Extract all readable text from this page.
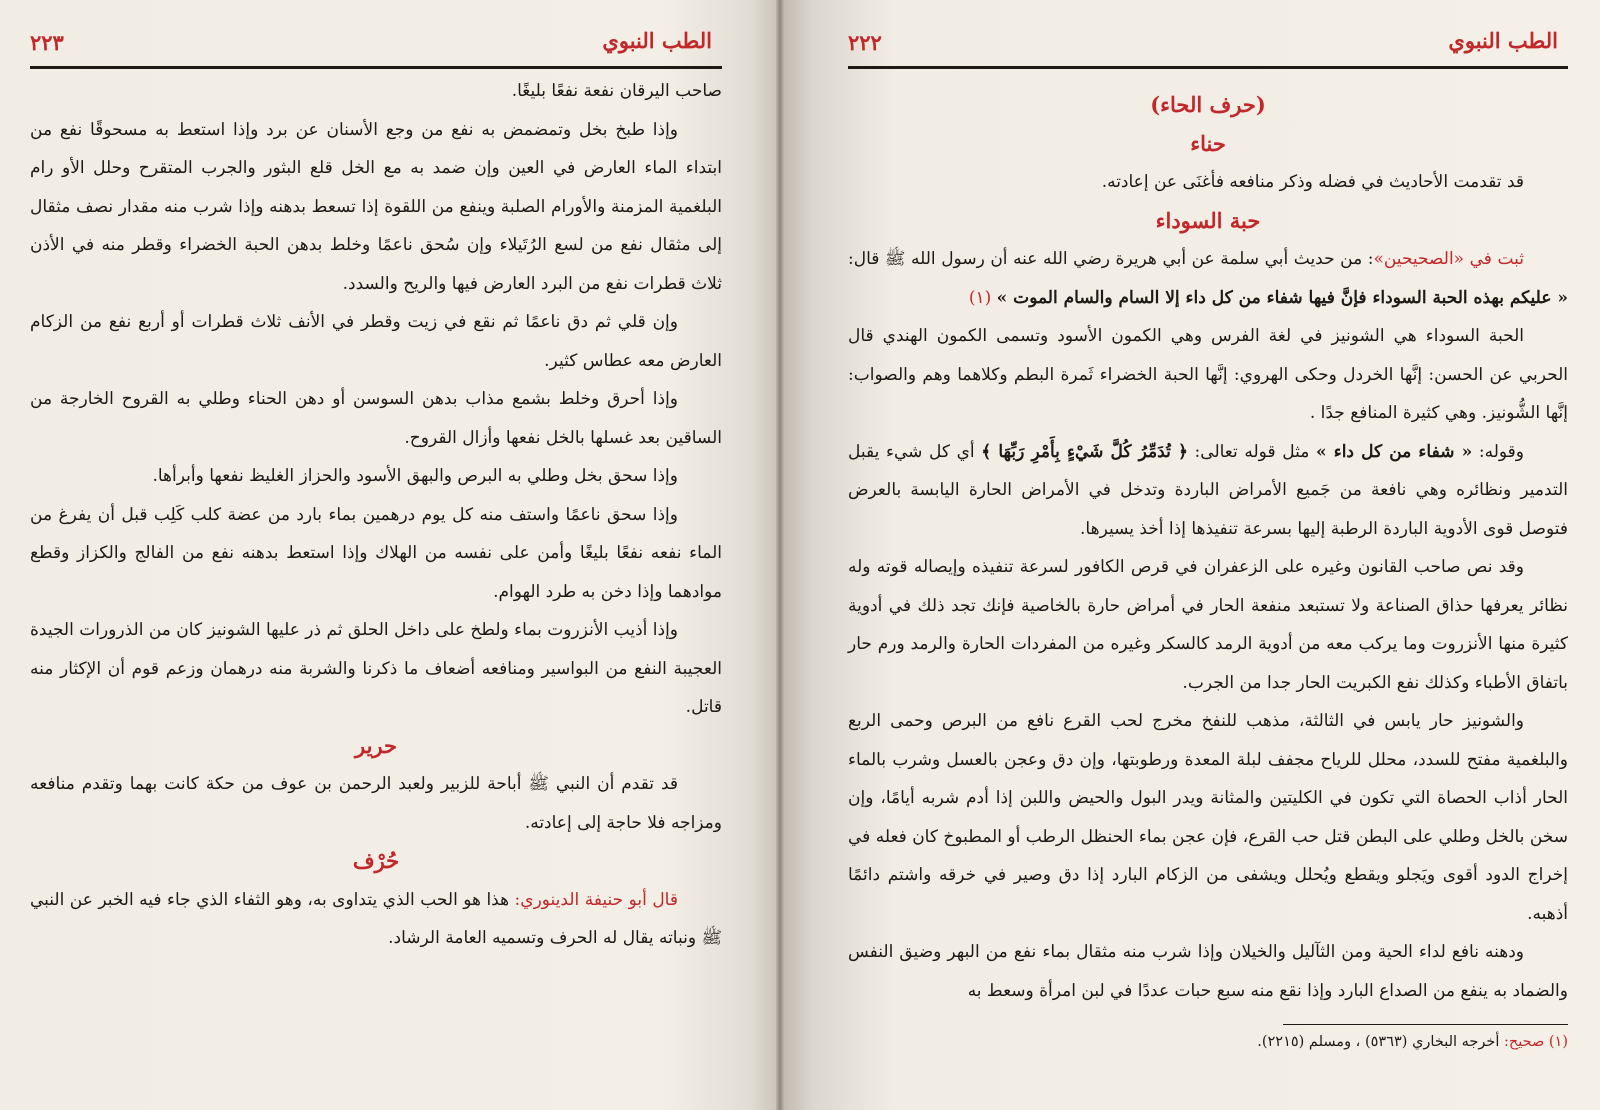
الطب النبوي
٢٢٣

صاحب اليرقان نفعة نفعًا بليغًا.

وإذا طبخ بخل وتمضمض به نفع من وجع الأسنان عن برد وإذا استعط به مسحوقًا نفع من ابتداء الماء العارض في العين وإن ضمد به مع الخل قلع البثور والجرب المتقرح وحلل الأو رام البلغمية المزمنة والأورام الصلبة وينفع من اللقوة إذا تسعط بدهنه وإذا شرب منه مقدار نصف مثقال إلى مثقال نفع من لسع الرُتَيلاء وإن سُحق ناعمًا وخلط بدهن الحبة الخضراء وقطر منه في الأذن ثلاث قطرات نفع من البرد العارض فيها والريح والسدد.

وإن قلي ثم دق ناعمًا ثم نقع في زيت وقطر في الأنف ثلاث قطرات أو أربع نفع من الزكام العارض معه عطاس كثير.

وإذا أحرق وخلط بشمع مذاب بدهن السوسن أو دهن الحناء وطلي به القروح الخارجة من الساقين بعد غسلها بالخل نفعها وأزال القروح.

وإذا سحق بخل وطلي به البرص والبهق الأسود والحزاز الغليظ نفعها وأبرأها.

وإذا سحق ناعمًا واستف منه كل يوم درهمين بماء بارد من عضة كلب كَلِب قبل أن يفرغ من الماء نفعه نفعًا بليغًا وأمن على نفسه من الهلاك وإذا استعط بدهنه نفع من الفالج والكزاز وقطع موادهما وإذا دخن به طرد الهوام.

وإذا أذيب الأنزروت بماء ولطخ على داخل الحلق ثم ذر عليها الشونيز كان من الذرورات الجيدة العجيبة النفع من البواسير ومنافعه أضعاف ما ذكرنا والشربة منه درهمان وزعم قوم أن الإكثار منه قاتل.

حرير

قد تقدم أن النبي ﷺ أباحة للزبير ولعبد الرحمن بن عوف من حكة كانت بهما وتقدم منافعه ومزاجه فلا حاجة إلى إعادته.

حُرْف

قال أبو حنيفة الدينوري: هذا هو الحب الذي يتداوى به، وهو الثفاء الذي جاء فيه الخبر عن النبي ﷺ ونباته يقال له الحرف وتسميه العامة الرشاد.

الطب النبوي
٢٢٢

(حرف الحاء)

حناء

قد تقدمت الأحاديث في فضله وذكر منافعه فأغنَى عن إعادته.

حبة السوداء

ثبت في «الصحيحين»: من حديث أبي سلمة عن أبي هريرة رضي الله عنه أن رسول الله ﷺ قال: « عليكم بهذه الحبة السوداء فإنَّ فيها شفاء من كل داء إلا السام والسام الموت » (١)

الحبة السوداء هي الشونيز في لغة الفرس وهي الكمون الأسود وتسمى الكمون الهندي قال الحربي عن الحسن: إنَّها الخردل وحكى الهروي: إنَّها الحبة الخضراء ثَمرة البطم وكلاهما وهم والصواب: إنَّها الشُّونيز. وهي كثيرة المنافع جدًا .

وقوله: « شفاء من كل داء » مثل قوله تعالى: ﴿ تُدَمِّرُ كُلَّ شَيْءٍ بِأَمْرِ رَبِّهَا ﴾ أي كل شيء يقبل التدمير ونظائره وهي نافعة من جَميع الأمراض الباردة وتدخل في الأمراض الحارة اليابسة بالعرض فتوصل قوى الأدوية الباردة الرطبة إليها بسرعة تنفيذها إذا أخذ يسيرها.

وقد نص صاحب القانون وغيره على الزعفران في قرص الكافور لسرعة تنفيذه وإيصاله قوته وله نظائر يعرفها حذاق الصناعة ولا تستبعد منفعة الحار في أمراض حارة بالخاصية فإنك تجد ذلك في أدوية كثيرة منها الأنزروت وما يركب معه من أدوية الرمد كالسكر وغيره من المفردات الحارة والرمد ورم حار باتفاق الأطباء وكذلك نفع الكبريت الحار جدا من الجرب.

والشونيز حار يابس في الثالثة، مذهب للنفخ مخرج لحب القرع نافع من البرص وحمى الربع والبلغمية مفتح للسدد، محلل للرياح مجفف لبلة المعدة ورطوبتها، وإن دق وعجن بالعسل وشرب بالماء الحار أذاب الحصاة التي تكون في الكليتين والمثانة ويدر البول والحيض واللبن إذا أدم شربه أيامًا، وإن سخن بالخل وطلي على البطن قتل حب القرع، فإن عجن بماء الحنظل الرطب أو المطبوخ كان فعله في إخراج الدود أقوى ويَجلو ويقطع ويُحلل ويشفى من الزكام البارد إذا دق وصير في خرقه واشتم دائمًا أذهبه.

ودهنه نافع لداء الحية ومن الثآليل والخيلان وإذا شرب منه مثقال بماء نفع من البهر وضيق النفس والضماد به ينفع من الصداع البارد وإذا نقع منه سبع حبات عددًا في لبن امرأة وسعط به

(١) صحيح: أخرجه البخاري (٥٣٦٣) ، ومسلم (٢٢١٥).
